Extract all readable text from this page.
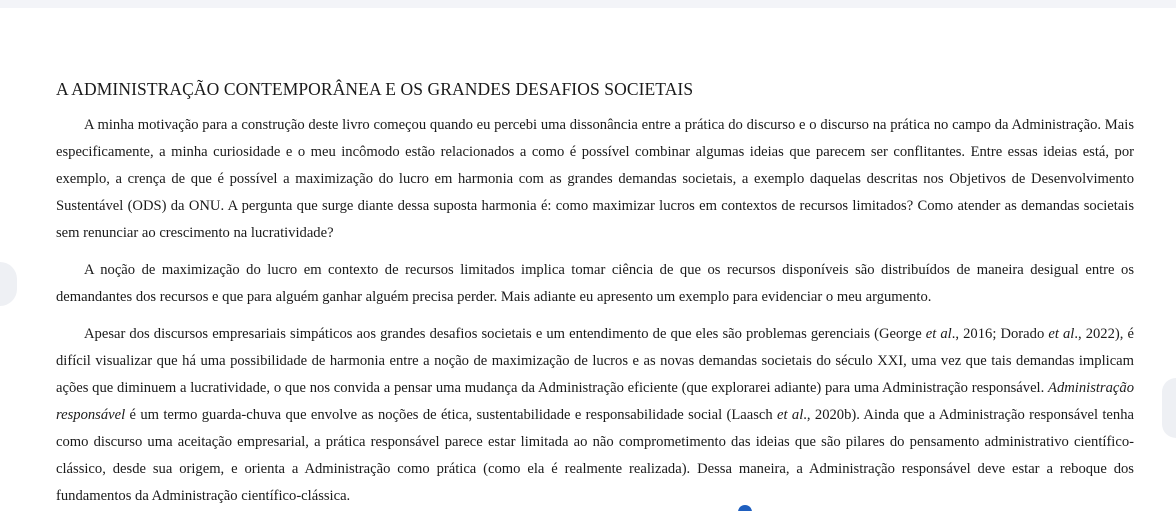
A ADMINISTRAÇÃO CONTEMPORÂNEA E OS GRANDES DESAFIOS SOCIETAIS

A minha motivação para a construção deste livro começou quando eu percebi uma dissonância entre a prática do discurso e o discurso na prática no campo da Administração. Mais especificamente, a minha curiosidade e o meu incômodo estão relacionados a como é possível combinar algumas ideias que parecem ser conflitantes. Entre essas ideias está, por exemplo, a crença de que é possível a maximização do lucro em harmonia com as grandes demandas societais, a exemplo daquelas descritas nos Objetivos de Desenvolvimento Sustentável (ODS) da ONU. A pergunta que surge diante dessa suposta harmonia é: como maximizar lucros em contextos de recursos limitados? Como atender as demandas societais sem renunciar ao crescimento na lucratividade?

A noção de maximização do lucro em contexto de recursos limitados implica tomar ciência de que os recursos disponíveis são distribuídos de maneira desigual entre os demandantes dos recursos e que para alguém ganhar alguém precisa perder. Mais adiante eu apresento um exemplo para evidenciar o meu argumento.

Apesar dos discursos empresariais simpáticos aos grandes desafios societais e um entendimento de que eles são problemas gerenciais (George et al., 2016; Dorado et al., 2022), é difícil visualizar que há uma possibilidade de harmonia entre a noção de maximização de lucros e as novas demandas societais do século XXI, uma vez que tais demandas implicam ações que diminuem a lucratividade, o que nos convida a pensar uma mudança da Administração eficiente (que explorarei adiante) para uma Administração responsável. Administração responsável é um termo guarda-chuva que envolve as noções de ética, sustentabilidade e responsabilidade social (Laasch et al., 2020b). Ainda que a Administração responsável tenha como discurso uma aceitação empresarial, a prática responsável parece estar limitada ao não comprometimento das ideias que são pilares do pensamento administrativo científico-clássico, desde sua origem, e orienta a Administração como prática (como ela é realmente realizada). Dessa maneira, a Administração responsável deve estar a reboque dos fundamentos da Administração científico-clássica.
